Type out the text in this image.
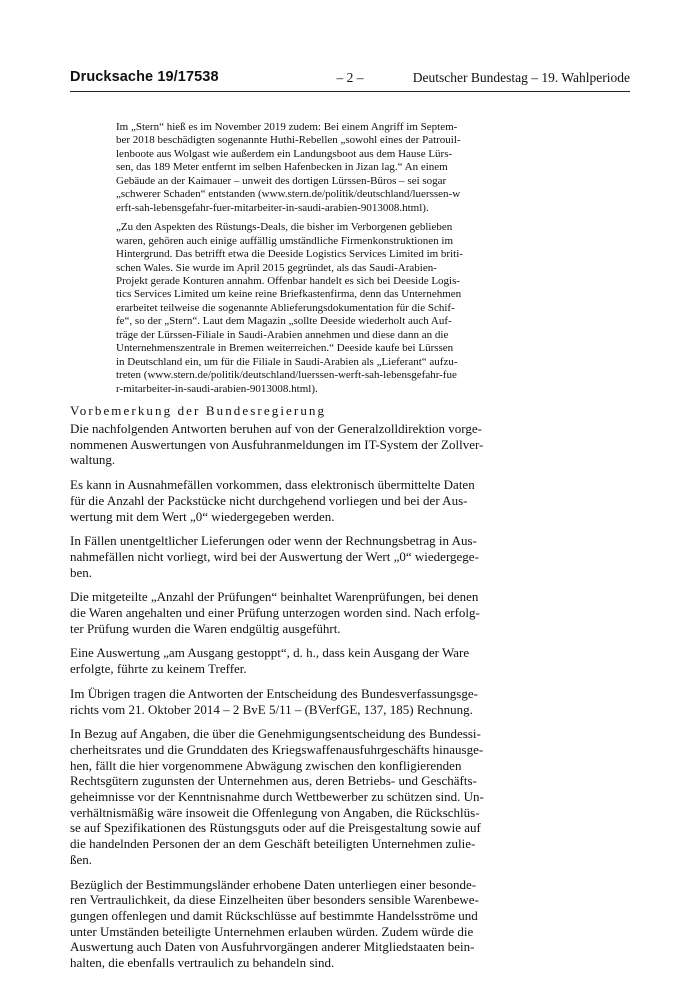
Drucksache 19/17538	– 2 –	Deutscher Bundestag – 19. Wahlperiode

Im „Stern“ hieß es im November 2019 zudem: Bei einem Angriff im Septem-
ber 2018 beschädigten sogenannte Huthi-Rebellen „sowohl eines der Patrouil-
lenboote aus Wolgast wie außerdem ein Landungsboot aus dem Hause Lürs-
sen, das 189 Meter entfernt im selben Hafenbecken in Jizan lag.“ An einem
Gebäude an der Kaimauer – unweit des dortigen Lürssen-Büros – sei sogar
„schwerer Schaden“ entstanden (www.stern.de/politik/deutschland/luerssen-w
erft-sah-lebensgefahr-fuer-mitarbeiter-in-saudi-arabien-9013008.html).

„Zu den Aspekten des Rüstungs-Deals, die bisher im Verborgenen geblieben
waren, gehören auch einige auffällig umständliche Firmenkonstruktionen im
Hintergrund. Das betrifft etwa die Deeside Logistics Services Limited im briti-
schen Wales. Sie wurde im April 2015 gegründet, als das Saudi-Arabien-
Projekt gerade Konturen annahm. Offenbar handelt es sich bei Deeside Logis-
tics Services Limited um keine reine Briefkastenfirma, denn das Unternehmen
erarbeitet teilweise die sogenannte Ablieferungsdokumentation für die Schif-
fe“, so der „Stern“. Laut dem Magazin „sollte Deeside wiederholt auch Auf-
träge der Lürssen-Filiale in Saudi-Arabien annehmen und diese dann an die
Unternehmenszentrale in Bremen weiterreichen.“ Deeside kaufe bei Lürssen
in Deutschland ein, um für die Filiale in Saudi-Arabien als „Lieferant“ aufzu-
treten (www.stern.de/politik/deutschland/luerssen-werft-sah-lebensgefahr-fue
r-mitarbeiter-in-saudi-arabien-9013008.html).

Vorbemerkung der Bundesregierung

Die nachfolgenden Antworten beruhen auf von der Generalzolldirektion vorge-
nommenen Auswertungen von Ausfuhranmeldungen im IT-System der Zollver-
waltung.

Es kann in Ausnahmefällen vorkommen, dass elektronisch übermittelte Daten
für die Anzahl der Packstücke nicht durchgehend vorliegen und bei der Aus-
wertung mit dem Wert „0“ wiedergegeben werden.

In Fällen unentgeltlicher Lieferungen oder wenn der Rechnungsbetrag in Aus-
nahmefällen nicht vorliegt, wird bei der Auswertung der Wert „0“ wiedergege-
ben.

Die mitgeteilte „Anzahl der Prüfungen“ beinhaltet Warenprüfungen, bei denen
die Waren angehalten und einer Prüfung unterzogen worden sind. Nach erfolg-
ter Prüfung wurden die Waren endgültig ausgeführt.

Eine Auswertung „am Ausgang gestoppt“, d. h., dass kein Ausgang der Ware
erfolgte, führte zu keinem Treffer.

Im Übrigen tragen die Antworten der Entscheidung des Bundesverfassungsge-
richts vom 21. Oktober 2014 – 2 BvE 5/11 – (BVerfGE, 137, 185) Rechnung.

In Bezug auf Angaben, die über die Genehmigungsentscheidung des Bundessi-
cherheitsrates und die Grunddaten des Kriegswaffenausfuhrgeschäfts hinausge-
hen, fällt die hier vorgenommene Abwägung zwischen den konfligierenden
Rechtsgütern zugunsten der Unternehmen aus, deren Betriebs- und Geschäfts-
geheimnisse vor der Kenntnisnahme durch Wettbewerber zu schützen sind. Un-
verhältnismäßig wäre insoweit die Offenlegung von Angaben, die Rückschlüs-
se auf Spezifikationen des Rüstungsguts oder auf die Preisgestaltung sowie auf
die handelnden Personen der an dem Geschäft beteiligten Unternehmen zulie-
ßen.

Bezüglich der Bestimmungsländer erhobene Daten unterliegen einer besonde-
ren Vertraulichkeit, da diese Einzelheiten über besonders sensible Warenbewe-
gungen offenlegen und damit Rückschlüsse auf bestimmte Handelsströme und
unter Umständen beteiligte Unternehmen erlauben würden. Zudem würde die
Auswertung auch Daten von Ausfuhrvorgängen anderer Mitgliedstaaten bein-
halten, die ebenfalls vertraulich zu behandeln sind.
